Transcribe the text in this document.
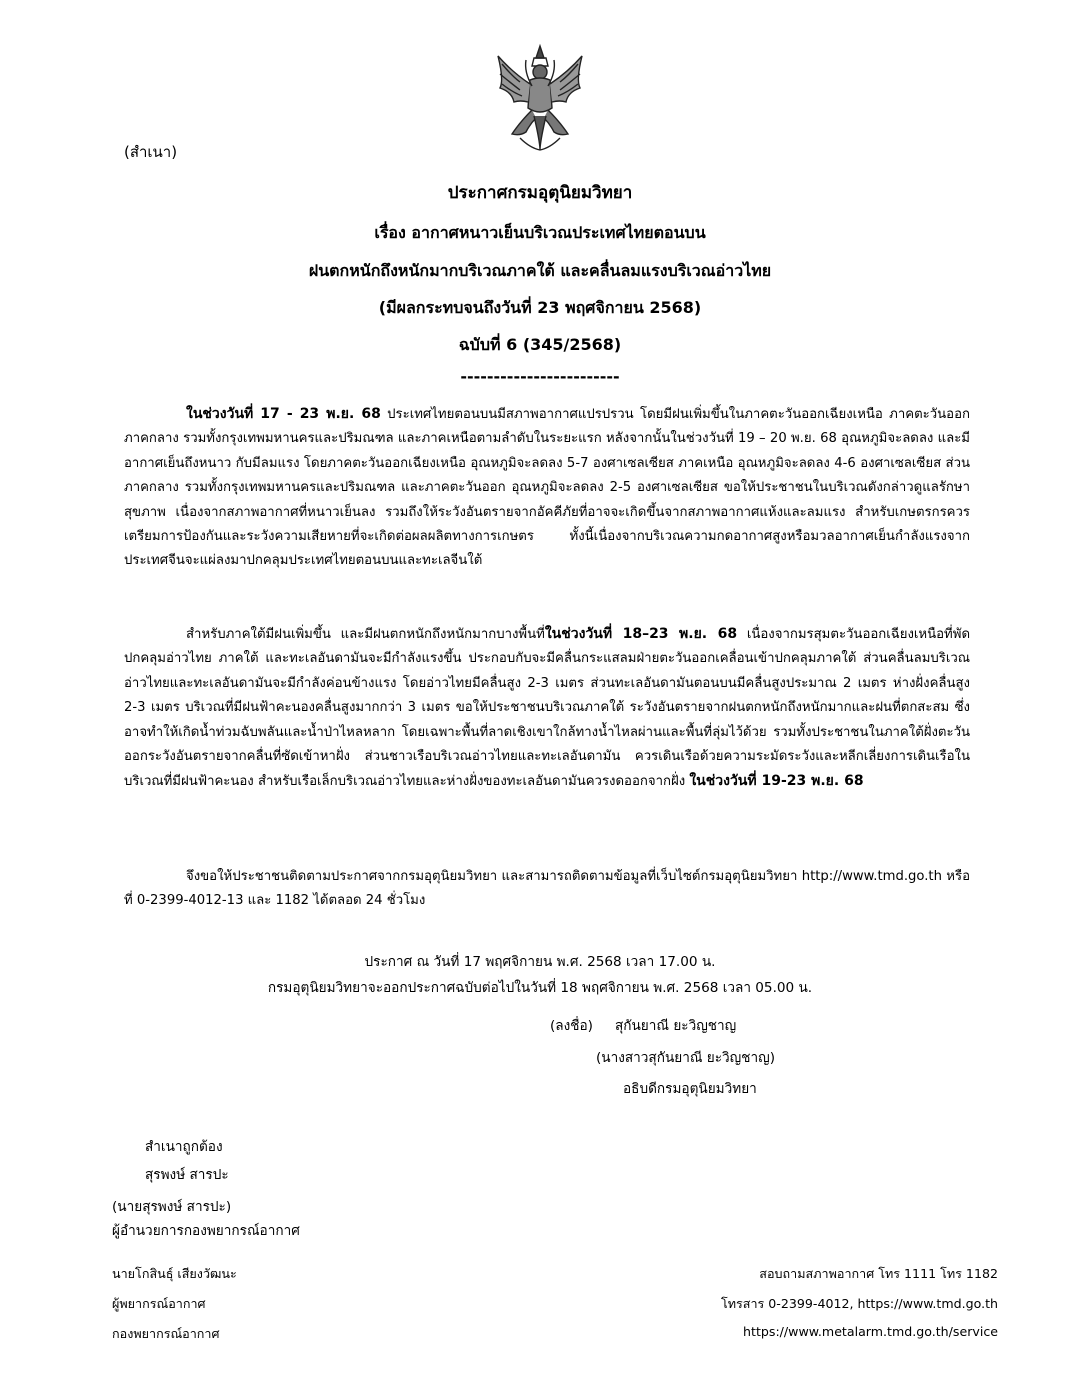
(สำเนา)
ประกาศกรมอุตุนิยมวิทยา
เรื่อง อากาศหนาวเย็นบริเวณประเทศไทยตอนบน
ฝนตกหนักถึงหนักมากบริเวณภาคใต้ และคลื่นลมแรงบริเวณอ่าวไทย
(มีผลกระทบจนถึงวันที่ 23 พฤศจิกายน 2568)
ฉบับที่ 6 (345/2568)
------------------------

ในช่วงวันที่ 17 - 23 พ.ย. 68 ประเทศไทยตอนบนมีสภาพอากาศแปรปรวน โดยมีฝนเพิ่มขึ้นในภาคตะวันออกเฉียงเหนือ ภาคตะวันออก ภาคกลาง รวมทั้งกรุงเทพมหานครและปริมณฑล และภาคเหนือตามลำดับในระยะแรก หลังจากนั้นในช่วงวันที่ 19 – 20 พ.ย. 68 อุณหภูมิจะลดลง และมีอากาศเย็นถึงหนาว กับมีลมแรง โดยภาคตะวันออกเฉียงเหนือ อุณหภูมิจะลดลง 5-7 องศาเซลเซียส ภาคเหนือ อุณหภูมิจะลดลง 4-6 องศาเซลเซียส ส่วนภาคกลาง รวมทั้งกรุงเทพมหานครและปริมณฑล และภาคตะวันออก อุณหภูมิจะลดลง 2-5 องศาเซลเซียส ขอให้ประชาชนในบริเวณดังกล่าวดูแลรักษาสุขภาพ เนื่องจากสภาพอากาศที่หนาวเย็นลง รวมถึงให้ระวังอันตรายจากอัคคีภัยที่อาจจะเกิดขึ้นจากสภาพอากาศแห้งและลมแรง สำหรับเกษตรกรควรเตรียมการป้องกันและระวังความเสียหายที่จะเกิดต่อผลผลิตทางการเกษตร ทั้งนี้เนื่องจากบริเวณความกดอากาศสูงหรือมวลอากาศเย็นกำลังแรงจากประเทศจีนจะแผ่ลงมาปกคลุมประเทศไทยตอนบนและทะเลจีนใต้

สำหรับภาคใต้มีฝนเพิ่มขึ้น และมีฝนตกหนักถึงหนักมากบางพื้นที่ในช่วงวันที่ 18–23 พ.ย. 68 เนื่องจากมรสุมตะวันออกเฉียงเหนือที่พัดปกคลุมอ่าวไทย ภาคใต้ และทะเลอันดามันจะมีกำลังแรงขึ้น ประกอบกับจะมีคลื่นกระแสลมฝ่ายตะวันออกเคลื่อนเข้าปกคลุมภาคใต้ ส่วนคลื่นลมบริเวณอ่าวไทยและทะเลอันดามันจะมีกำลังค่อนข้างแรง โดยอ่าวไทยมีคลื่นสูง 2-3 เมตร ส่วนทะเลอันดามันตอนบนมีคลื่นสูงประมาณ 2 เมตร ห่างฝั่งคลื่นสูง 2-3 เมตร บริเวณที่มีฝนฟ้าคะนองคลื่นสูงมากกว่า 3 เมตร ขอให้ประชาชนบริเวณภาคใต้ ระวังอันตรายจากฝนตกหนักถึงหนักมากและฝนที่ตกสะสม ซึ่งอาจทำให้เกิดน้ำท่วมฉับพลันและน้ำป่าไหลหลาก โดยเฉพาะพื้นที่ลาดเชิงเขาใกล้ทางน้ำไหลผ่านและพื้นที่ลุ่มไว้ด้วย รวมทั้งประชาชนในภาคใต้ฝั่งตะวันออกระวังอันตรายจากคลื่นที่ซัดเข้าหาฝั่ง ส่วนชาวเรือบริเวณอ่าวไทยและทะเลอันดามัน ควรเดินเรือด้วยความระมัดระวังและหลีกเลี่ยงการเดินเรือในบริเวณที่มีฝนฟ้าคะนอง สำหรับเรือเล็กบริเวณอ่าวไทยและห่างฝั่งของทะเลอันดามันควรงดออกจากฝั่ง ในช่วงวันที่ 19-23 พ.ย. 68

จึงขอให้ประชาชนติดตามประกาศจากกรมอุตุนิยมวิทยา และสามารถติดตามข้อมูลที่เว็บไซต์กรมอุตุนิยมวิทยา http://www.tmd.go.th หรือที่ 0-2399-4012-13 และ 1182 ได้ตลอด 24 ชั่วโมง

ประกาศ ณ วันที่ 17 พฤศจิกายน พ.ศ. 2568 เวลา 17.00 น.
กรมอุตุนิยมวิทยาจะออกประกาศฉบับต่อไปในวันที่ 18 พฤศจิกายน พ.ศ. 2568 เวลา 05.00 น.
(ลงชื่อ) สุกันยาณี ยะวิญชาญ
(นางสาวสุกันยาณี ยะวิญชาญ)
อธิบดีกรมอุตุนิยมวิทยา
สำเนาถูกต้อง
สุรพงษ์ สารปะ
(นายสุรพงษ์ สารปะ)
ผู้อำนวยการกองพยากรณ์อากาศ
นายโกสินธุ์ เสียงวัฒนะ
ผู้พยากรณ์อากาศ
กองพยากรณ์อากาศ
สอบถามสภาพอากาศ โทร 1111 โทร 1182
โทรสาร 0-2399-4012, https://www.tmd.go.th
https://www.metalarm.tmd.go.th/service
